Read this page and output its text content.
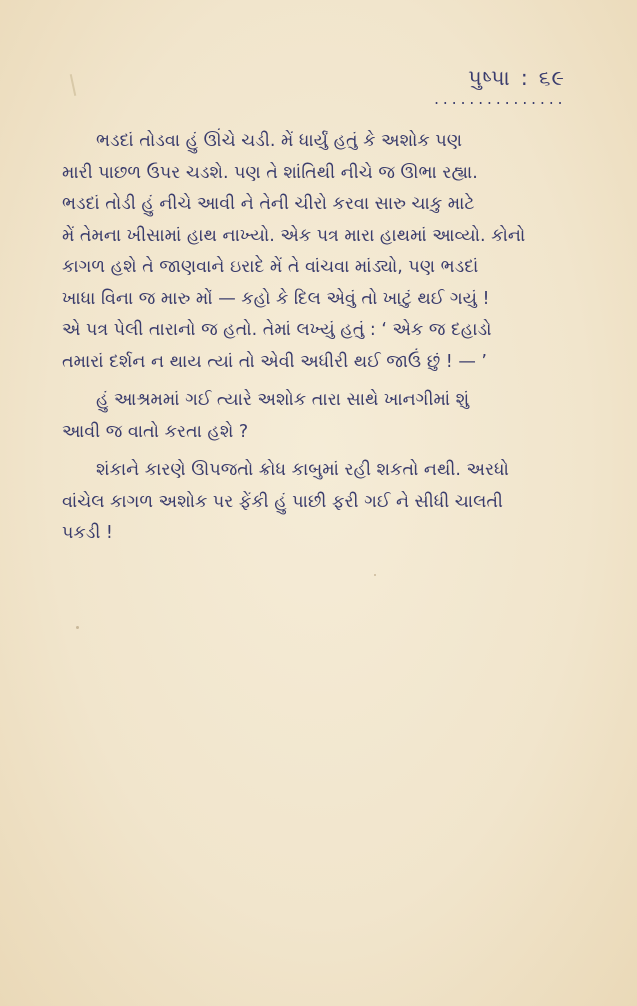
પુષ્પા : ૬૯
...............

ભડદાં તોડવા હું ઊંચે ચડી. મેં ધાર્યું હતું કે અશોક પણ
મારી પાછળ ઉપર ચડશે. પણ તે શાંતિથી નીચે જ ઊભા રહ્યા.
ભડદાં તોડી હું નીચે આવી ને તેની ચીરો કરવા સારુ ચાકુ માટે
મેં તેમના ખીસામાં હાથ નાખ્યો. એક પત્ર મારા હાથમાં આવ્યો. કોનો
કાગળ હશે તે જાણવાને ઇરાદે મેં તે વાંચવા માંડ્યો, પણ ભડદાં
ખાધા વિના જ મારુ મોં — કહો કે દિલ એવું તો ખાટું થઈ ગયું !
એ પત્ર પેલી તારાનો જ હતો. તેમાં લખ્યું હતું : ‘ એક જ દહાડો
તમારાં દર્શન ન થાય ત્યાં તો એવી અધીરી થઈ જાઉં છું ! — ’

હું આશ્રમમાં ગઈ ત્યારે અશોક તારા સાથે ખાનગીમાં શું
આવી જ વાતો કરતા હશે ?

શંકાને કારણે ઊપજતો ક્રોધ કાબુમાં રહી શકતો નથી. અરધો
વાંચેલ કાગળ અશોક પર ફેંકી હું પાછી ફરી ગઈ ને સીધી ચાલતી
પકડી !
